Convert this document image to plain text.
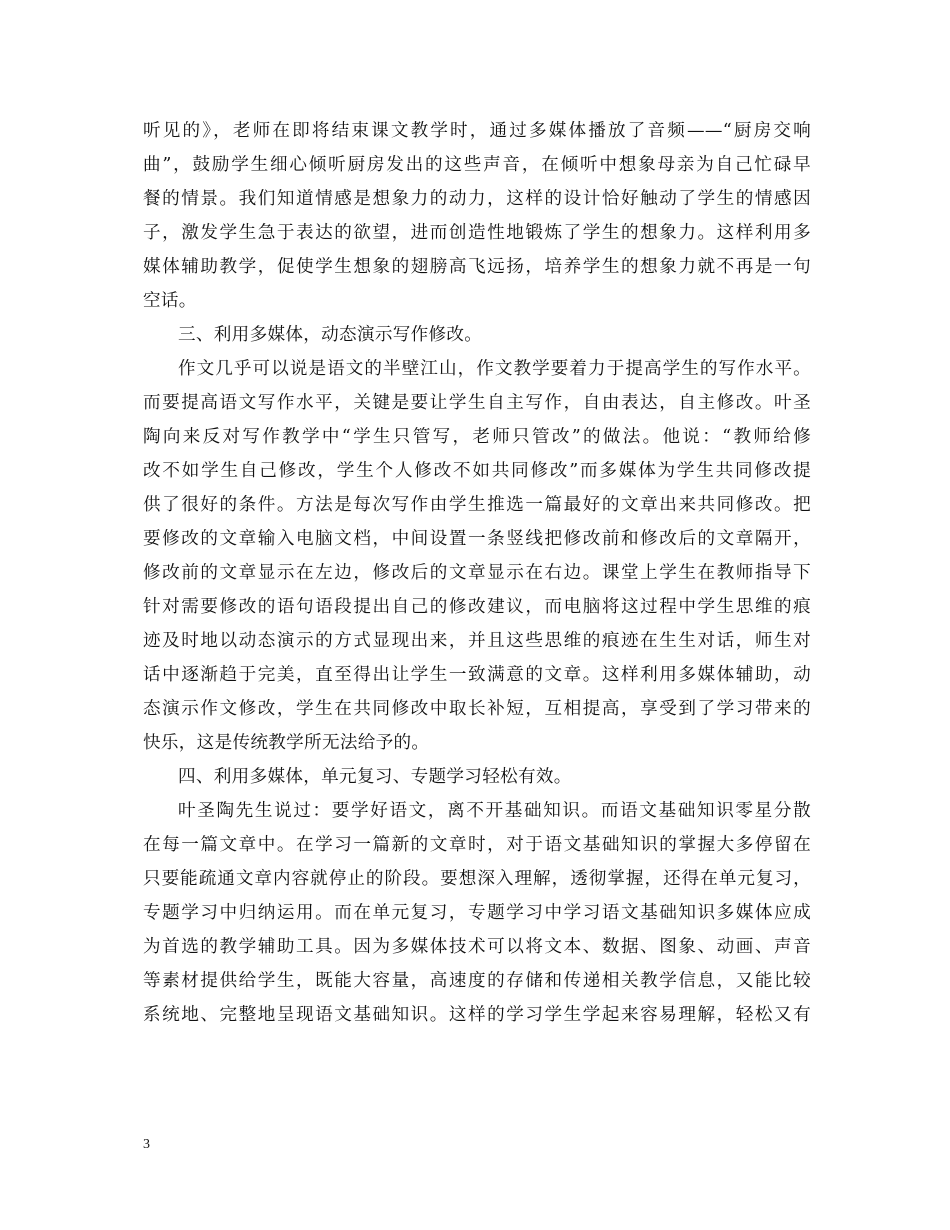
听见的》，老师在即将结束课文教学时，通过多媒体播放了音频——“厨房交响
曲”，鼓励学生细心倾听厨房发出的这些声音，在倾听中想象母亲为自己忙碌早
餐的情景。我们知道情感是想象力的动力，这样的设计恰好触动了学生的情感因
子，激发学生急于表达的欲望，进而创造性地锻炼了学生的想象力。这样利用多
媒体辅助教学，促使学生想象的翅膀高飞远扬，培养学生的想象力就不再是一句
空话。
三、利用多媒体，动态演示写作修改。
作文几乎可以说是语文的半壁江山，作文教学要着力于提高学生的写作水平。
而要提高语文写作水平，关键是要让学生自主写作，自由表达，自主修改。叶圣
陶向来反对写作教学中“学生只管写，老师只管改”的做法。他说：“教师给修
改不如学生自己修改，学生个人修改不如共同修改”而多媒体为学生共同修改提
供了很好的条件。方法是每次写作由学生推选一篇最好的文章出来共同修改。把
要修改的文章输入电脑文档，中间设置一条竖线把修改前和修改后的文章隔开，
修改前的文章显示在左边，修改后的文章显示在右边。课堂上学生在教师指导下
针对需要修改的语句语段提出自己的修改建议，而电脑将这过程中学生思维的痕
迹及时地以动态演示的方式显现出来，并且这些思维的痕迹在生生对话，师生对
话中逐渐趋于完美，直至得出让学生一致满意的文章。这样利用多媒体辅助，动
态演示作文修改，学生在共同修改中取长补短，互相提高，享受到了学习带来的
快乐，这是传统教学所无法给予的。
四、利用多媒体，单元复习、专题学习轻松有效。
叶圣陶先生说过：要学好语文，离不开基础知识。而语文基础知识零星分散
在每一篇文章中。在学习一篇新的文章时，对于语文基础知识的掌握大多停留在
只要能疏通文章内容就停止的阶段。要想深入理解，透彻掌握，还得在单元复习，
专题学习中归纳运用。而在单元复习，专题学习中学习语文基础知识多媒体应成
为首选的教学辅助工具。因为多媒体技术可以将文本、数据、图象、动画、声音
等素材提供给学生，既能大容量，高速度的存储和传递相关教学信息，又能比较
系统地、完整地呈现语文基础知识。这样的学习学生学起来容易理解，轻松又有
3
